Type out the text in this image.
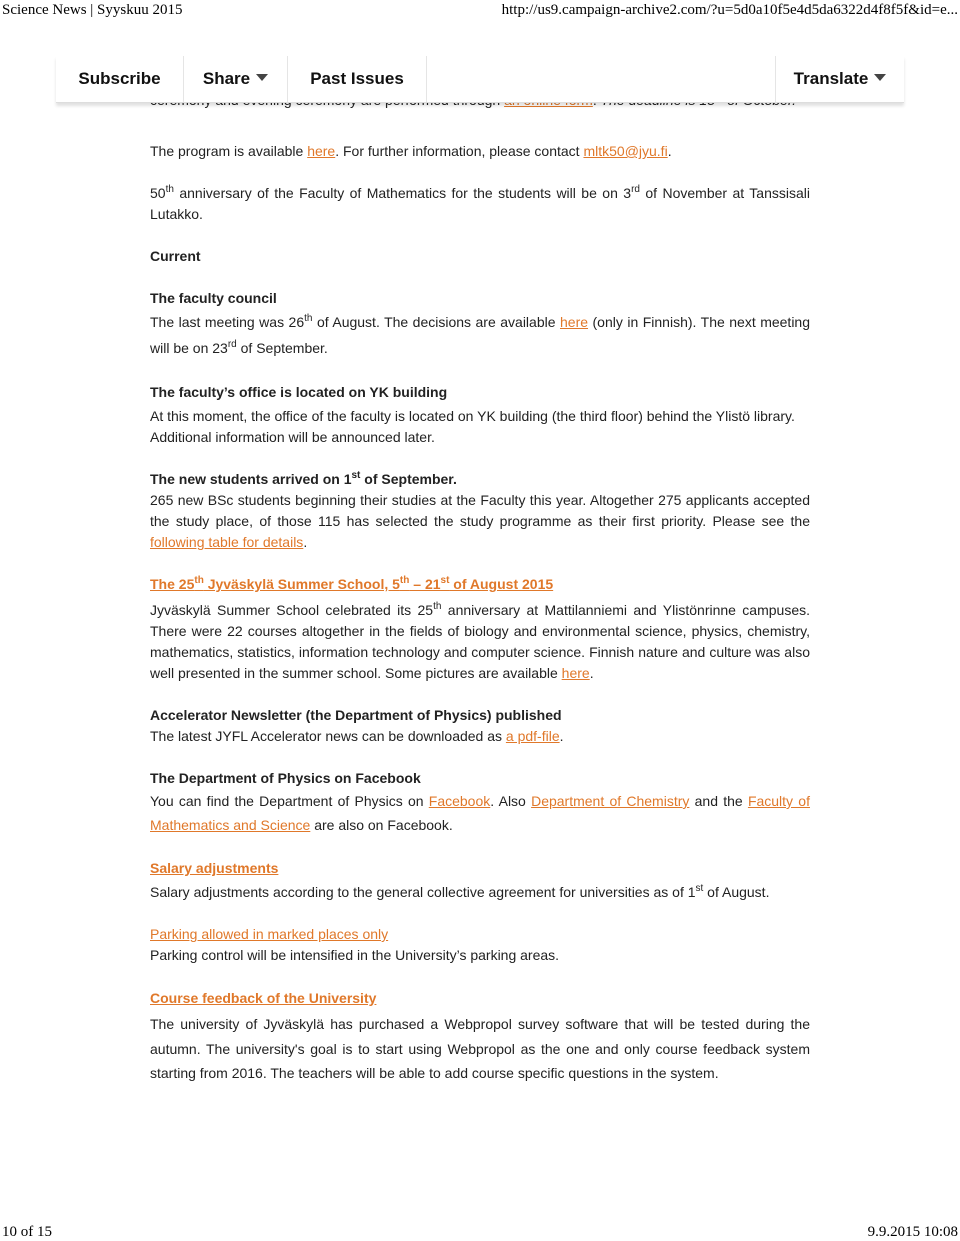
Science News | Syyskuu 2015	http://us9.campaign-archive2.com/?u=5d0a10f5e4d5da6322d4f8f5f&id=e...

The program is available here. For further information, please contact mltk50@jyu.fi.

50th anniversary of the Faculty of Mathematics for the students will be on 3rd of November at Tanssisali Lutakko.

Current

The faculty council

The last meeting was 26th of August. The decisions are available here (only in Finnish). The next meeting will be on 23rd of September.

The faculty’s office is located on YK building

At this moment, the office of the faculty is located on YK building (the third floor) behind the Ylistö library. Additional information will be announced later.

The new students arrived on 1st of September.

265 new BSc students beginning their studies at the Faculty this year. Altogether 275 applicants accepted the study place, of those 115 has selected the study programme as their first priority. Please see the following table for details.

The 25th Jyväskylä Summer School, 5th – 21st of August 2015

Jyväskylä Summer School celebrated its 25th anniversary at Mattilanniemi and Ylistönrinne campuses. There were 22 courses altogether in the fields of biology and environmental science, physics, chemistry, mathematics, statistics, information technology and computer science. Finnish nature and culture was also well presented in the summer school. Some pictures are available here.

Accelerator Newsletter (the Department of Physics) published

The latest JYFL Accelerator news can be downloaded as a pdf-file.

The Department of Physics on Facebook

You can find the Department of Physics on Facebook. Also Department of Chemistry and the Faculty of Mathematics and Science are also on Facebook.

Salary adjustments

Salary adjustments according to the general collective agreement for universities as of 1st of August.

Parking allowed in marked places only

Parking control will be intensified in the University’s parking areas.

Course feedback of the University

The university of Jyväskylä has purchased a Webpropol survey software that will be tested during the autumn. The university's goal is to start using Webpropol as the one and only course feedback system starting from 2016. The teachers will be able to add course specific questions in the system.

Subscribe	Share	Past Issues	Translate
10 of 15	9.9.2015 10:08
